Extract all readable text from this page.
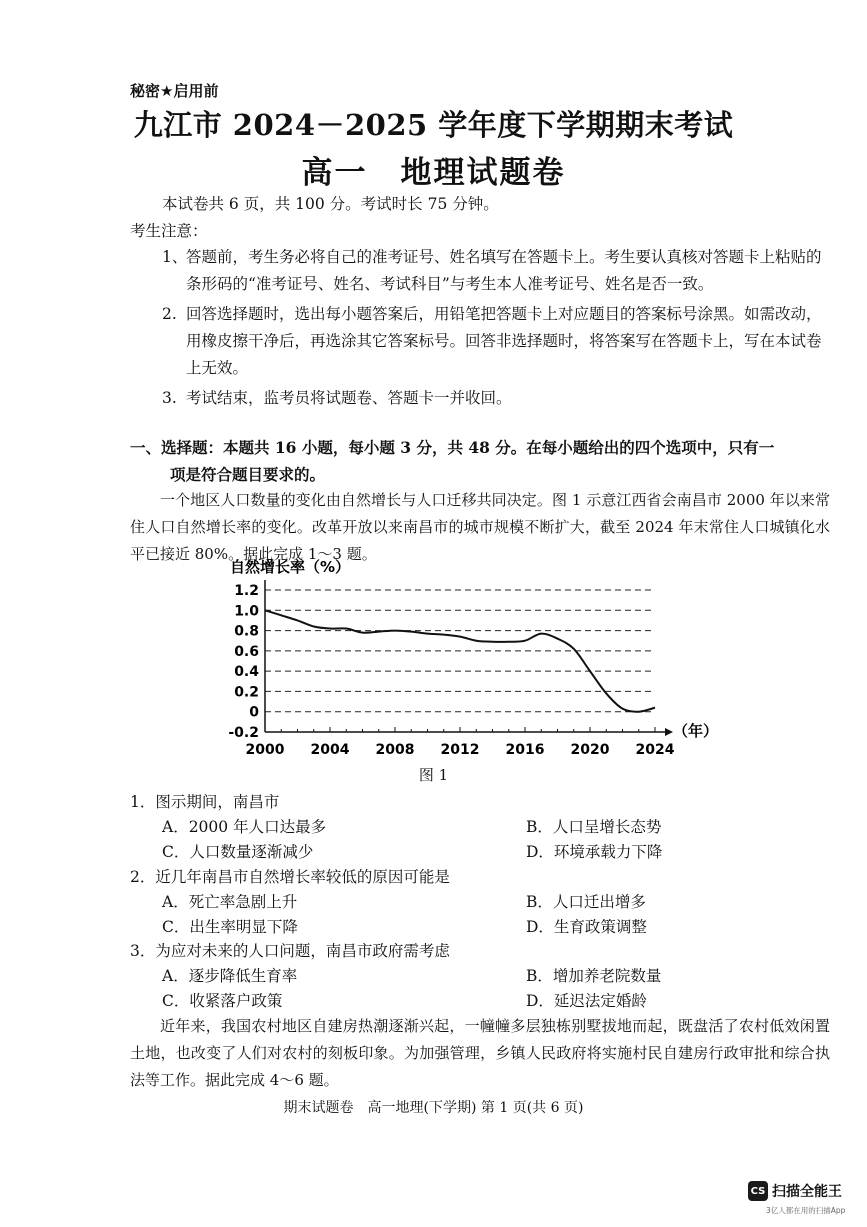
秘密★启用前
九江市 2024－2025 学年度下学期期末考试
高一　地理试题卷
本试卷共 6 页，共 100 分。考试时长 75 分钟。
考生注意：
1、
答题前，考生务必将自己的准考证号、姓名填写在答题卡上。考生要认真核对答题卡上粘贴的条形码的“准考证号、姓名、考试科目”与考生本人准考证号、姓名是否一致。
2. 回答选择题时，选出每小题答案后，用铅笔把答题卡上对应题目的答案标号涂黑。如需改动，用橡皮擦干净后，再选涂其它答案标号。回答非选择题时，将答案写在答题卡上，写在本试卷上无效。
3. 考试结束，监考员将试题卷、答题卡一并收回。
一、选择题：本题共 16 小题，每小题 3 分，共 48 分。在每小题给出的四个选项中，只有一
项是符合题目要求的。

一个地区人口数量的变化由自然增长与人口迁移共同决定。图 1 示意江西省会南昌市 2000 年以来常住人口自然增长率的变化。改革开放以来南昌市的城市规模不断扩大，截至 2024 年末常住人口城镇化水平已接近 80%。据此完成 1～3 题。

自然增长率（%）
1.2
1.0
0.8
0.6
0.4
0.2
0
-0.2
2000 2004 2008 2012 2016 2020 2024
（年）
图 1
1．图示期间，南昌市
A．2000 年人口达最多	B．人口呈增长态势
C．人口数量逐渐减少	D．环境承载力下降
2．近几年南昌市自然增长率较低的原因可能是
A．死亡率急剧上升	B．人口迁出增多
C．出生率明显下降	D．生育政策调整
3．为应对未来的人口问题，南昌市政府需考虑
A．逐步降低生育率	B．增加养老院数量
C．收紧落户政策	D．延迟法定婚龄

近年来，我国农村地区自建房热潮逐渐兴起，一幢幢多层独栋别墅拔地而起，既盘活了农村低效闲置土地，也改变了人们对农村的刻板印象。为加强管理，乡镇人民政府将实施村民自建房行政审批和综合执法等工作。据此完成 4～6 题。

期末试题卷　高一地理(下学期) 第 1 页(共 6 页)
CS 扫描全能王
3亿人都在用的扫描App
